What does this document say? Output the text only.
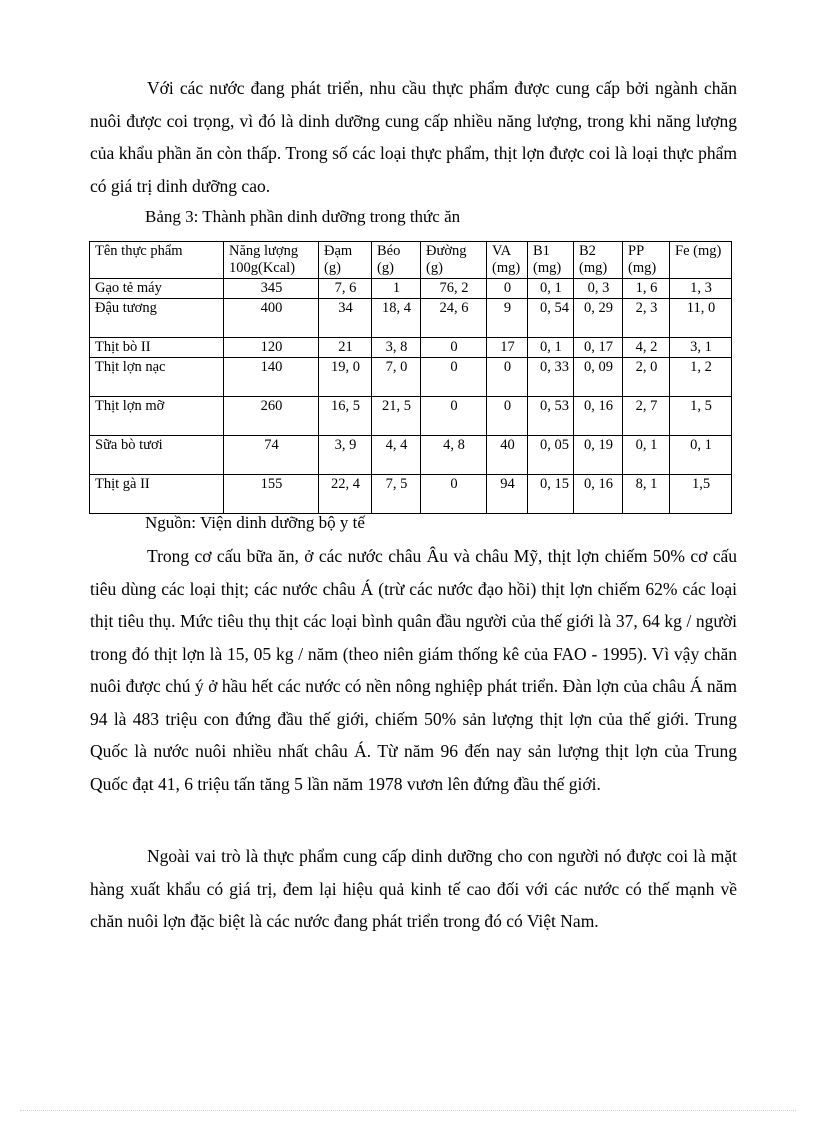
Với các nước đang phát triển, nhu cầu thực phẩm được cung cấp bởi ngành chăn nuôi được coi trọng, vì đó là dinh dưỡng cung cấp nhiều năng lượng, trong khi năng lượng của khẩu phần ăn còn thấp. Trong số các loại thực phẩm, thịt lợn được coi là loại thực phẩm có giá trị dinh dưỡng cao.

Bảng 3: Thành phần dinh dưỡng trong thức ăn
Tên thực phẩm	Năng lượng 100g(Kcal)	Đạm (g)	Béo (g)	Đường (g)	VA (mg)	B1 (mg)	B2 (mg)	PP (mg)	Fe (mg)
Gạo tẻ máy	345	7, 6	1	76, 2	0	0, 1	0, 3	1, 6	1, 3
Đậu tương	400	34	18, 4	24, 6	9	0, 54	0, 29	2, 3	11, 0
Thịt bò II	120	21	3, 8	0	17	0, 1	0, 17	4, 2	3, 1
Thịt lợn nạc	140	19, 0	7, 0	0	0	0, 33	0, 09	2, 0	1, 2
Thịt lợn mỡ	260	16, 5	21, 5	0	0	0, 53	0, 16	2, 7	1, 5
Sữa bò tươi	74	3, 9	4, 4	4, 8	40	0, 05	0, 19	0, 1	0, 1
Thịt gà II	155	22, 4	7, 5	0	94	0, 15	0, 16	8, 1	1,5
Nguồn: Viện dinh dưỡng bộ y tế

Trong cơ cấu bữa ăn, ở các nước châu Âu và châu Mỹ, thịt lợn chiếm 50% cơ cấu tiêu dùng các loại thịt; các nước châu Á (trừ các nước đạo hồi) thịt lợn chiếm 62% các loại thịt tiêu thụ. Mức tiêu thụ thịt các loại bình quân đầu người của thế giới là 37, 64 kg / người trong đó thịt lợn là 15, 05 kg / năm (theo niên giám thống kê của FAO - 1995). Vì vậy chăn nuôi được chú ý ở hầu hết các nước có nền nông nghiệp phát triển. Đàn lợn của châu Á năm 94 là 483 triệu con đứng đầu thế giới, chiếm 50% sản lượng thịt lợn của thế giới. Trung Quốc là nước nuôi nhiều nhất châu Á. Từ năm 96 đến nay sản lượng thịt lợn của Trung Quốc đạt 41, 6 triệu tấn tăng 5 lần năm 1978 vươn lên đứng đầu thế giới.

Ngoài vai trò là thực phẩm cung cấp dinh dưỡng cho con người nó được coi là mặt hàng xuất khẩu có giá trị, đem lại hiệu quả kinh tế cao đối với các nước có thế mạnh về chăn nuôi lợn đặc biệt là các nước đang phát triển trong đó có Việt Nam.
